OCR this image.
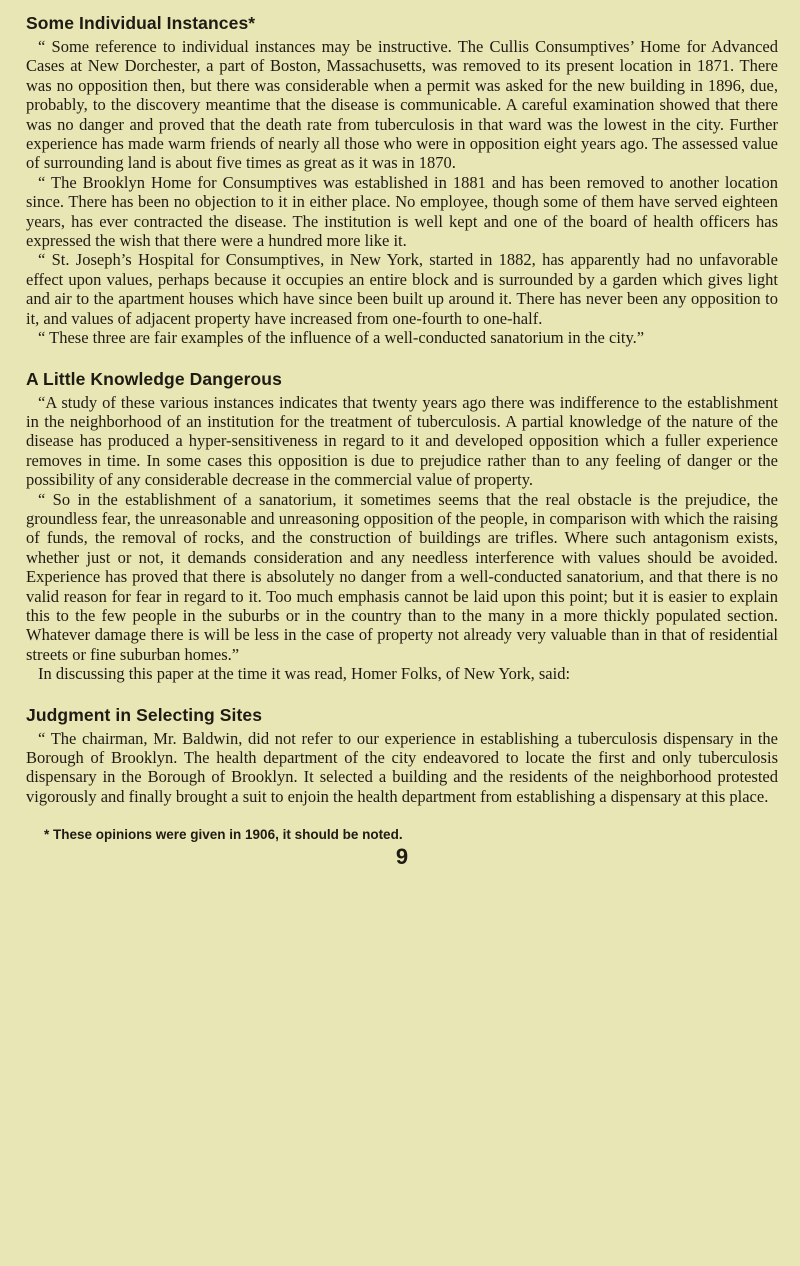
Some Individual Instances*

“ Some reference to individual instances may be instructive. The Cullis Consumptives’ Home for Advanced Cases at New Dorchester, a part of Boston, Massachusetts, was removed to its present location in 1871. There was no opposition then, but there was considerable when a permit was asked for the new building in 1896, due, probably, to the discovery meantime that the disease is communicable. A careful examination showed that there was no danger and proved that the death rate from tuberculosis in that ward was the lowest in the city. Further experience has made warm friends of nearly all those who were in opposition eight years ago. The assessed value of surrounding land is about five times as great as it was in 1870.

“ The Brooklyn Home for Consumptives was established in 1881 and has been removed to another location since. There has been no objection to it in either place. No employee, though some of them have served eighteen years, has ever contracted the disease. The institution is well kept and one of the board of health officers has expressed the wish that there were a hundred more like it.

“ St. Joseph’s Hospital for Consumptives, in New York, started in 1882, has apparently had no unfavorable effect upon values, perhaps because it occupies an entire block and is surrounded by a garden which gives light and air to the apartment houses which have since been built up around it. There has never been any opposition to it, and values of adjacent property have increased from one-fourth to one-half.

“ These three are fair examples of the influence of a well-conducted sanatorium in the city.”

A Little Knowledge Dangerous

“A study of these various instances indicates that twenty years ago there was indifference to the establishment in the neighborhood of an institution for the treatment of tuberculosis. A partial knowledge of the nature of the disease has produced a hyper-sensitiveness in regard to it and developed opposition which a fuller experience removes in time. In some cases this opposition is due to prejudice rather than to any feeling of danger or the possibility of any considerable decrease in the commercial value of property.

“ So in the establishment of a sanatorium, it sometimes seems that the real obstacle is the prejudice, the groundless fear, the unreasonable and unreasoning opposition of the people, in comparison with which the raising of funds, the removal of rocks, and the construction of buildings are trifles. Where such antagonism exists, whether just or not, it demands consideration and any needless interference with values should be avoided. Experience has proved that there is absolutely no danger from a well-conducted sanatorium, and that there is no valid reason for fear in regard to it. Too much emphasis cannot be laid upon this point; but it is easier to explain this to the few people in the suburbs or in the country than to the many in a more thickly populated section. Whatever damage there is will be less in the case of property not already very valuable than in that of residential streets or fine suburban homes.”

In discussing this paper at the time it was read, Homer Folks, of New York, said:

Judgment in Selecting Sites

“ The chairman, Mr. Baldwin, did not refer to our experience in establishing a tuberculosis dispensary in the Borough of Brooklyn. The health department of the city endeavored to locate the first and only tuberculosis dispensary in the Borough of Brooklyn. It selected a building and the residents of the neighborhood protested vigorously and finally brought a suit to enjoin the health department from establishing a dispensary at this place.

* These opinions were given in 1906, it should be noted.
9
